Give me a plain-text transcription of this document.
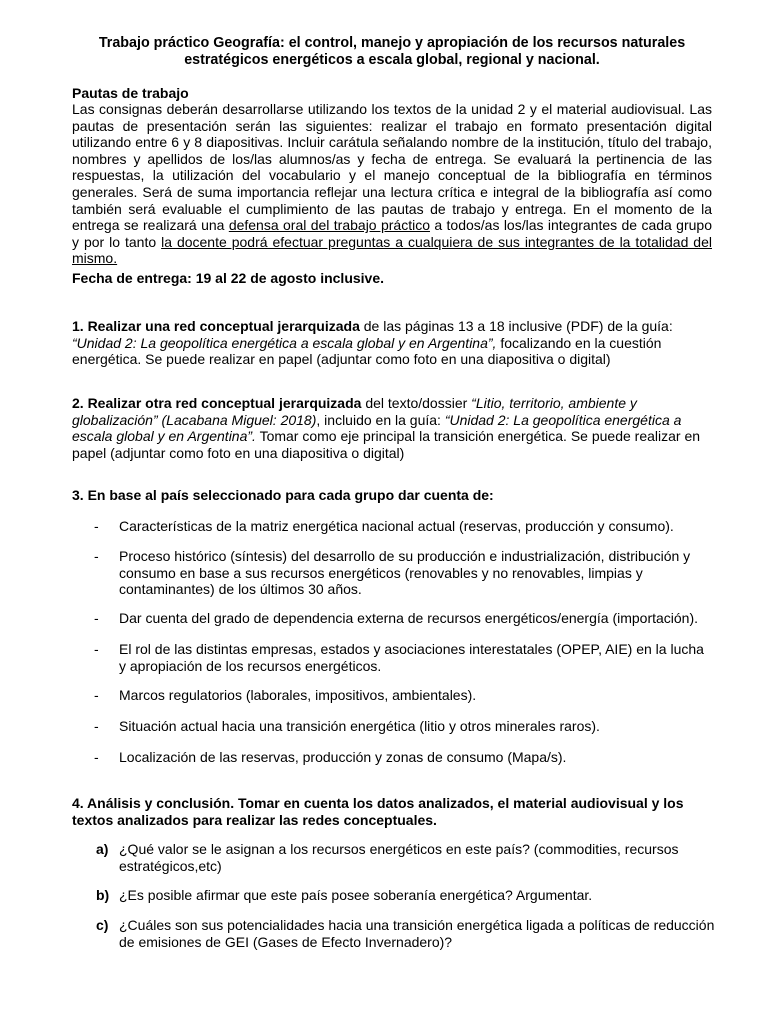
Trabajo práctico Geografía: el control, manejo y apropiación de los recursos naturales estratégicos energéticos a escala global, regional y nacional.

Pautas de trabajo

Las consignas deberán desarrollarse utilizando los textos de la unidad 2 y el material audiovisual. Las pautas de presentación serán las siguientes: realizar el trabajo en formato presentación digital utilizando entre 6 y 8 diapositivas. Incluir carátula señalando nombre de la institución, título del trabajo, nombres y apellidos de los/las alumnos/as y fecha de entrega. Se evaluará la pertinencia de las respuestas, la utilización del vocabulario y el manejo conceptual de la bibliografía en términos generales. Será de suma importancia reflejar una lectura crítica e integral de la bibliografía así como también será evaluable el cumplimiento de las pautas de trabajo y entrega. En el momento de la entrega se realizará una defensa oral del trabajo práctico a todos/as los/las integrantes de cada grupo y por lo tanto la docente podrá efectuar preguntas a cualquiera de sus integrantes de la totalidad del mismo.

Fecha de entrega: 19 al 22 de agosto inclusive.

1. Realizar una red conceptual jerarquizada de las páginas 13 a 18 inclusive (PDF) de la guía: “Unidad 2: La geopolítica energética a escala global y en Argentina”, focalizando en la cuestión energética. Se puede realizar en papel (adjuntar como foto en una diapositiva o digital)

2. Realizar otra red conceptual jerarquizada del texto/dossier “Litio, territorio, ambiente y globalización” (Lacabana Miguel: 2018), incluido en la guía: “Unidad 2: La geopolítica energética a escala global y en Argentina”. Tomar como eje principal la transición energética. Se puede realizar en papel (adjuntar como foto en una diapositiva o digital)

3. En base al país seleccionado para cada grupo dar cuenta de:

- Características de la matriz energética nacional actual (reservas, producción y consumo).
- Proceso histórico (síntesis) del desarrollo de su producción e industrialización, distribución y consumo en base a sus recursos energéticos (renovables y no renovables, limpias y contaminantes) de los últimos 30 años.
- Dar cuenta del grado de dependencia externa de recursos energéticos/energía (importación).
- El rol de las distintas empresas, estados y asociaciones interestatales (OPEP, AIE) en la lucha y apropiación de los recursos energéticos.
- Marcos regulatorios (laborales, impositivos, ambientales).
- Situación actual hacia una transición energética (litio y otros minerales raros).
- Localización de las reservas, producción y zonas de consumo (Mapa/s).

4. Análisis y conclusión. Tomar en cuenta los datos analizados, el material audiovisual y los textos analizados para realizar las redes conceptuales.

a) ¿Qué valor se le asignan a los recursos energéticos en este país? (commodities, recursos estratégicos,etc)
b) ¿Es posible afirmar que este país posee soberanía energética? Argumentar.
c) ¿Cuáles son sus potencialidades hacia una transición energética ligada a políticas de reducción de emisiones de GEI (Gases de Efecto Invernadero)?
